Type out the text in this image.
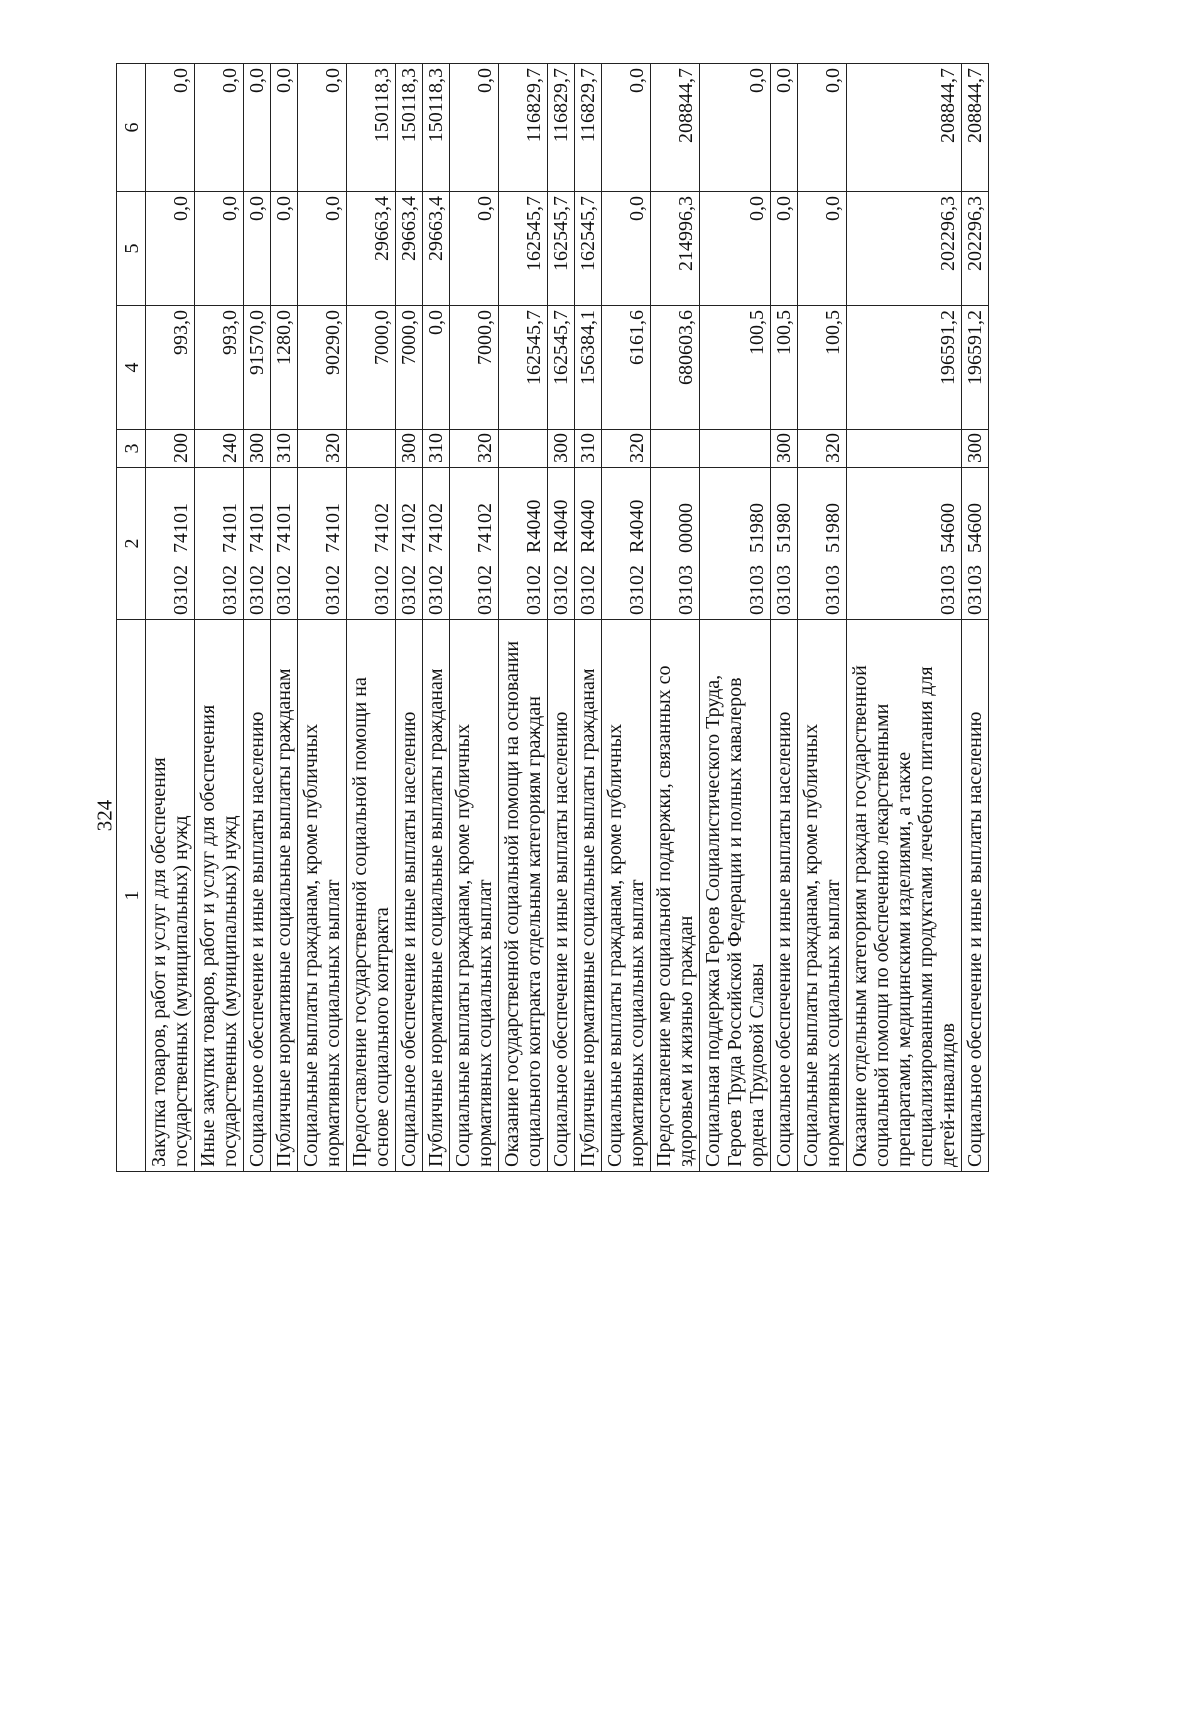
324
1	2	3	4	5	6
Закупка товаров, работ и услуг для обеспечения государственных (муниципальных) нужд	0310274101	200	993,0	0,0	0,0
Иные закупки товаров, работ и услуг для обеспечения государственных (муниципальных) нужд	0310274101	240	993,0	0,0	0,0
Социальное обеспечение и иные выплаты населению	0310274101	300	91570,0	0,0	0,0
Публичные нормативные социальные выплаты гражданам	0310274101	310	1280,0	0,0	0,0
Социальные выплаты гражданам, кроме публичных нормативных социальных выплат	0310274101	320	90290,0	0,0	0,0
Предоставление государственной социальной помощи на основе социального контракта	0310274102		7000,0	29663,4	150118,3
Социальное обеспечение и иные выплаты населению	0310274102	300	7000,0	29663,4	150118,3
Публичные нормативные социальные выплаты гражданам	0310274102	310	0,0	29663,4	150118,3
Социальные выплаты гражданам, кроме публичных нормативных социальных выплат	0310274102	320	7000,0	0,0	0,0
Оказание государственной социальной помощи на основании социального контракта отдельным категориям граждан	03102R4040		162545,7	162545,7	116829,7
Социальное обеспечение и иные выплаты населению	03102R4040	300	162545,7	162545,7	116829,7
Публичные нормативные социальные выплаты гражданам	03102R4040	310	156384,1	162545,7	116829,7
Социальные выплаты гражданам, кроме публичных нормативных социальных выплат	03102R4040	320	6161,6	0,0	0,0
Предоставление мер социальной поддержки, связанных со здоровьем и жизнью граждан	0310300000		680603,6	214996,3	208844,7
Социальная поддержка Героев Социалистического Труда, Героев Труда Российской Федерации и полных кавалеров ордена Трудовой Славы	0310351980		100,5	0,0	0,0
Социальное обеспечение и иные выплаты населению	0310351980	300	100,5	0,0	0,0
Социальные выплаты гражданам, кроме публичных нормативных социальных выплат	0310351980	320	100,5	0,0	0,0
Оказание отдельным категориям граждан государственной социальной помощи по обеспечению лекарственными препаратами, медицинскими изделиями, а также специализированными продуктами лечебного питания для детей-инвалидов	0310354600		196591,2	202296,3	208844,7
Социальное обеспечение и иные выплаты населению	0310354600	300	196591,2	202296,3	208844,7
